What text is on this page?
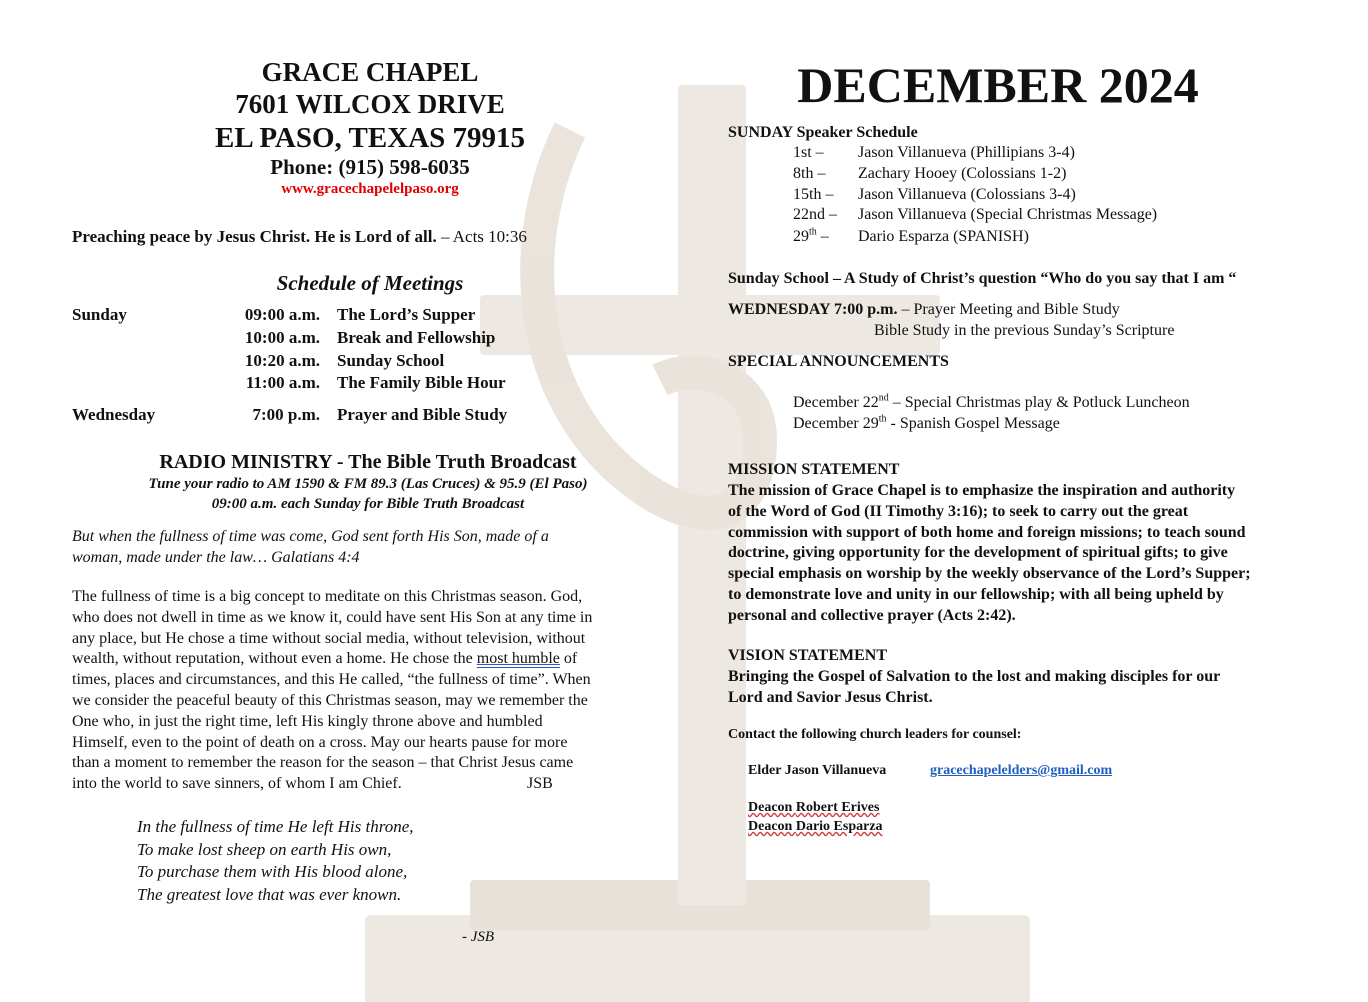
GRACE CHAPEL
7601 WILCOX DRIVE
EL PASO, TEXAS 79915
Phone: (915) 598-6035
www.gracechapelelpaso.org
Preaching peace by Jesus Christ. He is Lord of all. – Acts 10:36
Schedule of Meetings
Sunday	09:00 a.m. The Lord’s Supper
10:00 a.m. Break and Fellowship
10:20 a.m. Sunday School
11:00 a.m. The Family Bible Hour
Wednesday	7:00 p.m. Prayer and Bible Study
RADIO MINISTRY - The Bible Truth Broadcast
Tune your radio to AM 1590 & FM 89.3 (Las Cruces) & 95.9 (El Paso)
09:00 a.m. each Sunday for Bible Truth Broadcast
But when the fullness of time was come, God sent forth His Son, made of a
woman, made under the law… Galatians 4:4
The fullness of time is a big concept to meditate on this Christmas season. God,
who does not dwell in time as we know it, could have sent His Son at any time in
any place, but He chose a time without social media, without television, without
wealth, without reputation, without even a home. He chose the most humble of
times, places and circumstances, and this He called, “the fullness of time”. When
we consider the peaceful beauty of this Christmas season, may we remember the
One who, in just the right time, left His kingly throne above and humbled
Himself, even to the point of death on a cross. May our hearts pause for more
than a moment to remember the reason for the season – that Christ Jesus came
into the world to save sinners, of whom I am Chief.	JSB
In the fullness of time He left His throne,
To make lost sheep on earth His own,
To purchase them with His blood alone,
The greatest love that was ever known.
- JSB
DECEMBER 2024
SUNDAY Speaker Schedule
1st – Jason Villanueva (Phillipians 3-4)
8th – Zachary Hooey (Colossians 1-2)
15th – Jason Villanueva (Colossians 3-4)
22nd – Jason Villanueva (Special Christmas Message)
29th – Dario Esparza (SPANISH)
Sunday School – A Study of Christ’s question “Who do you say that I am “
WEDNESDAY 7:00 p.m. – Prayer Meeting and Bible Study
Bible Study in the previous Sunday’s Scripture
SPECIAL ANNOUNCEMENTS
December 22nd – Special Christmas play & Potluck Luncheon
December 29th - Spanish Gospel Message
MISSION STATEMENT
The mission of Grace Chapel is to emphasize the inspiration and authority
of the Word of God (II Timothy 3:16); to seek to carry out the great
commission with support of both home and foreign missions; to teach sound
doctrine, giving opportunity for the development of spiritual gifts; to give
special emphasis on worship by the weekly observance of the Lord’s Supper;
to demonstrate love and unity in our fellowship; with all being upheld by
personal and collective prayer (Acts 2:42).
VISION STATEMENT
Bringing the Gospel of Salvation to the lost and making disciples for our
Lord and Savior Jesus Christ.
Contact the following church leaders for counsel:
Elder Jason Villanueva	gracechapelelders@gmail.com
Deacon Robert Erives
Deacon Dario Esparza
